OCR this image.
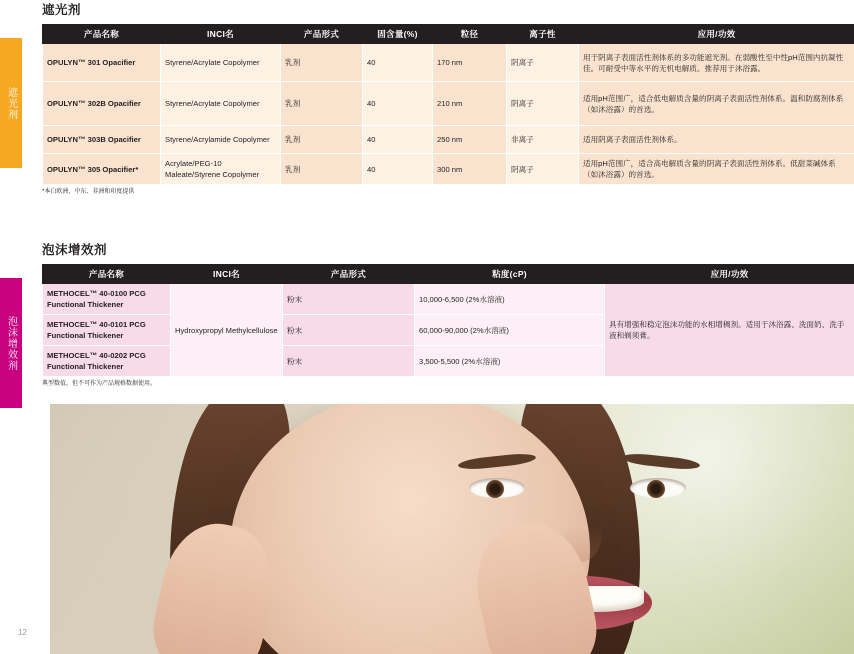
遮光剂
泡沫增效剂
遮光剂
产品名称	INCI名	产品形式	固含量(%)	粒径	离子性	应用/功效
OPULYN™ 301 Opacifier	Styrene/Acrylate Copolymer	乳剂	40	170 nm	阴离子	用于阴离子表面活性剂体系的多功能遮光剂。在弱酸性至中性pH范围内抗凝性佳。可耐受中等水平的无机电解质。推荐用于沐浴露。
OPULYN™ 302B Opacifier	Styrene/Acrylate Copolymer	乳剂	40	210 nm	阴离子	适用pH范围广，适合低电解质含量的阴离子表面活性剂体系。温和防腐剂体系（如沐浴露）的首选。
OPULYN™ 303B Opacifier	Styrene/Acrylamide Copolymer	乳剂	40	250 nm	非离子	适用阴离子表面活性剂体系。
OPULYN™ 305 Opacifier*	Acrylate/PEG-10 Maleate/Styrene Copolymer	乳剂	40	300 nm	阴离子	适用pH范围广，适合高电解质含量的阴离子表面活性剂体系。低甜菜碱体系（如沐浴露）的首选。
*本白欧洲、中东、非洲和印度提供
泡沫增效剂
产品名称	INCI名	产品形式	粘度(cP)	应用/功效
METHOCEL™ 40-0100 PCG Functional Thickener	Hydroxypropyl Methylcellulose	粉末	10,000-6,500 (2%水溶液)	具有增强和稳定泡沫功能的水相增稠剂。适用于沐浴露、洗面奶、洗手液和剃须膏。
METHOCEL™ 40-0101 PCG Functional Thickener		粉末	60,000-90,000 (2%水溶液)	
METHOCEL™ 40-0202 PCG Functional Thickener		粉末	3,500-5,500 (2%水溶液)	
典型数值，但不可作为产品规格数据使用。
12
